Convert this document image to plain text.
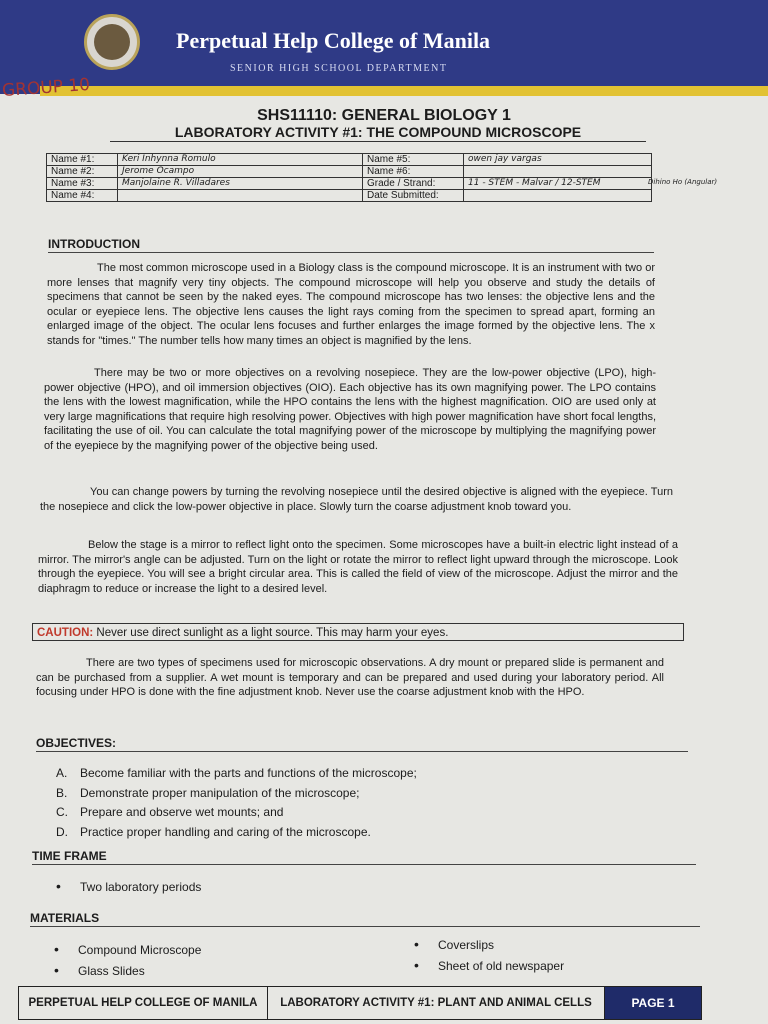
Perpetual Help College of Manila

SENIOR HIGH SCHOOL DEPARTMENT

GROUP 10

SHS11110: GENERAL BIOLOGY 1

LABORATORY ACTIVITY #1: THE COMPOUND MICROSCOPE

Name #1:	Keri Inhynna Romulo	Name #5:	owen jay vargas
Name #2:	Jerome Ocampo	Name #6:	
Name #3:	Manjolaine R. Villadares	Grade / Strand:	11 - STEM - Malvar / 12-STEM
Name #4:		Date Submitted:	

Dihino Ho (Angular)

INTRODUCTION

The most common microscope used in a Biology class is the compound microscope. It is an instrument with two or more lenses that magnify very tiny objects. The compound microscope will help you observe and study the details of specimens that cannot be seen by the naked eyes. The compound microscope has two lenses: the objective lens and the ocular or eyepiece lens. The objective lens causes the light rays coming from the specimen to spread apart, forming an enlarged image of the object. The ocular lens focuses and further enlarges the image formed by the objective lens. The x stands for "times." The number tells how many times an object is magnified by the lens.

There may be two or more objectives on a revolving nosepiece. They are the low-power objective (LPO), high-power objective (HPO), and oil immersion objectives (OIO). Each objective has its own magnifying power. The LPO contains the lens with the lowest magnification, while the HPO contains the lens with the highest magnification. OIO are used only at very large magnifications that require high resolving power. Objectives with high power magnification have short focal lengths, facilitating the use of oil. You can calculate the total magnifying power of the microscope by multiplying the magnifying power of the eyepiece by the magnifying power of the objective being used.

You can change powers by turning the revolving nosepiece until the desired objective is aligned with the eyepiece. Turn the nosepiece and click the low-power objective in place. Slowly turn the coarse adjustment knob toward you.

Below the stage is a mirror to reflect light onto the specimen. Some microscopes have a built-in electric light instead of a mirror. The mirror's angle can be adjusted. Turn on the light or rotate the mirror to reflect light upward through the microscope. Look through the eyepiece. You will see a bright circular area. This is called the field of view of the microscope. Adjust the mirror and the diaphragm to reduce or increase the light to a desired level.

CAUTION: Never use direct sunlight as a light source. This may harm your eyes.

There are two types of specimens used for microscopic observations. A dry mount or prepared slide is permanent and can be purchased from a supplier. A wet mount is temporary and can be prepared and used during your laboratory period. All focusing under HPO is done with the fine adjustment knob. Never use the coarse adjustment knob with the HPO.

OBJECTIVES:

A. Become familiar with the parts and functions of the microscope;
B. Demonstrate proper manipulation of the microscope;
C. Prepare and observe wet mounts; and
D. Practice proper handling and caring of the microscope.

TIME FRAME

• Two laboratory periods

MATERIALS

• Compound Microscope
• Glass Slides
• Coverslips
• Sheet of old newspaper
PERPETUAL HELP COLLEGE OF MANILA	LABORATORY ACTIVITY #1: PLANT AND ANIMAL CELLS	PAGE 1
